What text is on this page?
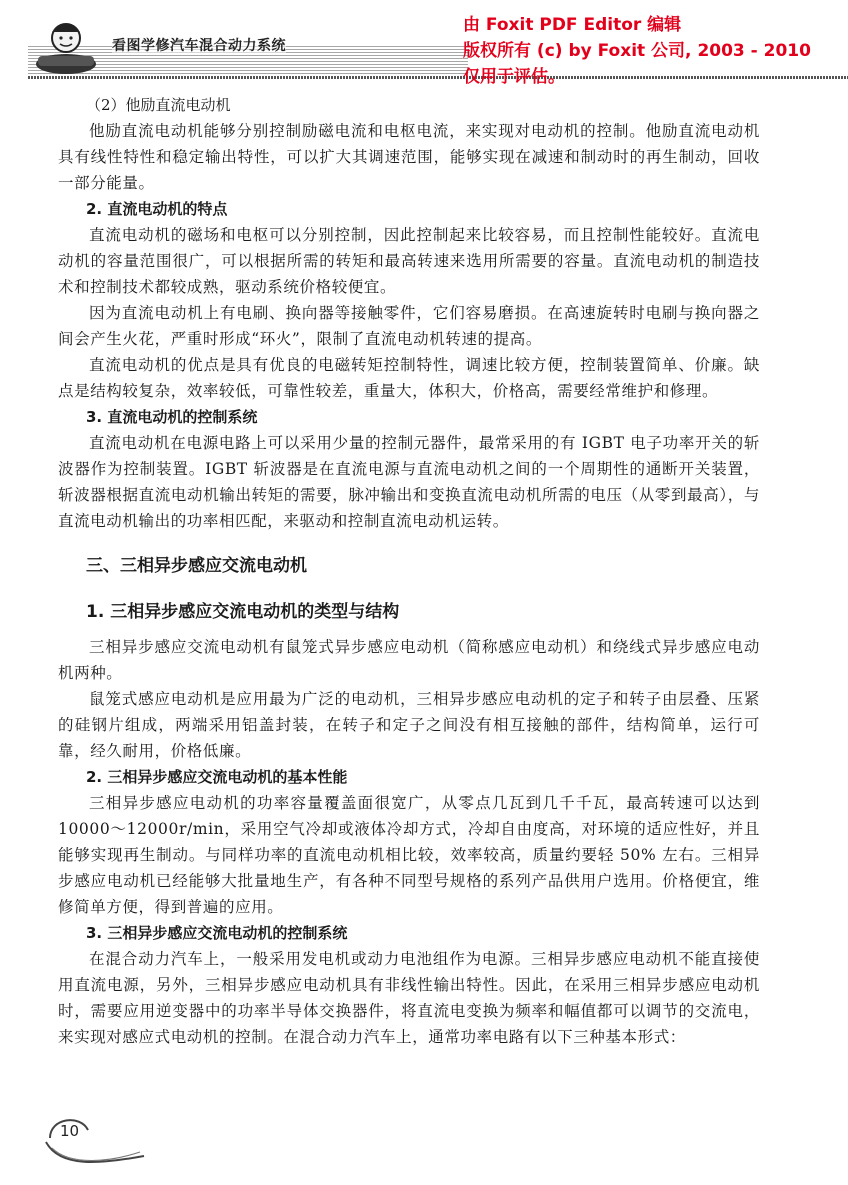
看图学修汽车混合动力系统
由 Foxit PDF Editor 编辑
版权所有 (c) by Foxit 公司, 2003 - 2010
仅用于评估。

（2）他励直流电动机

他励直流电动机能够分别控制励磁电流和电枢电流，来实现对电动机的控制。他励直流电动机具有线性特性和稳定输出特性，可以扩大其调速范围，能够实现在减速和制动时的再生制动，回收一部分能量。

2. 直流电动机的特点

直流电动机的磁场和电枢可以分别控制，因此控制起来比较容易，而且控制性能较好。直流电动机的容量范围很广，可以根据所需的转矩和最高转速来选用所需要的容量。直流电动机的制造技术和控制技术都较成熟，驱动系统价格较便宜。

因为直流电动机上有电刷、换向器等接触零件，它们容易磨损。在高速旋转时电刷与换向器之间会产生火花，严重时形成“环火”，限制了直流电动机转速的提高。

直流电动机的优点是具有优良的电磁转矩控制特性，调速比较方便，控制装置简单、价廉。缺点是结构较复杂，效率较低，可靠性较差，重量大，体积大，价格高，需要经常维护和修理。

3. 直流电动机的控制系统

直流电动机在电源电路上可以采用少量的控制元器件，最常采用的有 IGBT 电子功率开关的斩波器作为控制装置。IGBT 斩波器是在直流电源与直流电动机之间的一个周期性的通断开关装置，斩波器根据直流电动机输出转矩的需要，脉冲输出和变换直流电动机所需的电压（从零到最高），与直流电动机输出的功率相匹配，来驱动和控制直流电动机运转。

三、三相异步感应交流电动机

1. 三相异步感应交流电动机的类型与结构

三相异步感应交流电动机有鼠笼式异步感应电动机（简称感应电动机）和绕线式异步感应电动机两种。

鼠笼式感应电动机是应用最为广泛的电动机，三相异步感应电动机的定子和转子由层叠、压紧的硅钢片组成，两端采用铝盖封装，在转子和定子之间没有相互接触的部件，结构简单，运行可靠，经久耐用，价格低廉。

2. 三相异步感应交流电动机的基本性能

三相异步感应电动机的功率容量覆盖面很宽广，从零点几瓦到几千千瓦，最高转速可以达到 10000～12000r/min，采用空气冷却或液体冷却方式，冷却自由度高，对环境的适应性好，并且能够实现再生制动。与同样功率的直流电动机相比较，效率较高，质量约要轻 50% 左右。三相异步感应电动机已经能够大批量地生产，有各种不同型号规格的系列产品供用户选用。价格便宜，维修简单方便，得到普遍的应用。

3. 三相异步感应交流电动机的控制系统

在混合动力汽车上，一般采用发电机或动力电池组作为电源。三相异步感应电动机不能直接使用直流电源，另外，三相异步感应电动机具有非线性输出特性。因此，在采用三相异步感应电动机时，需要应用逆变器中的功率半导体交换器件，将直流电变换为频率和幅值都可以调节的交流电，来实现对感应式电动机的控制。在混合动力汽车上，通常功率电路有以下三种基本形式：

10
